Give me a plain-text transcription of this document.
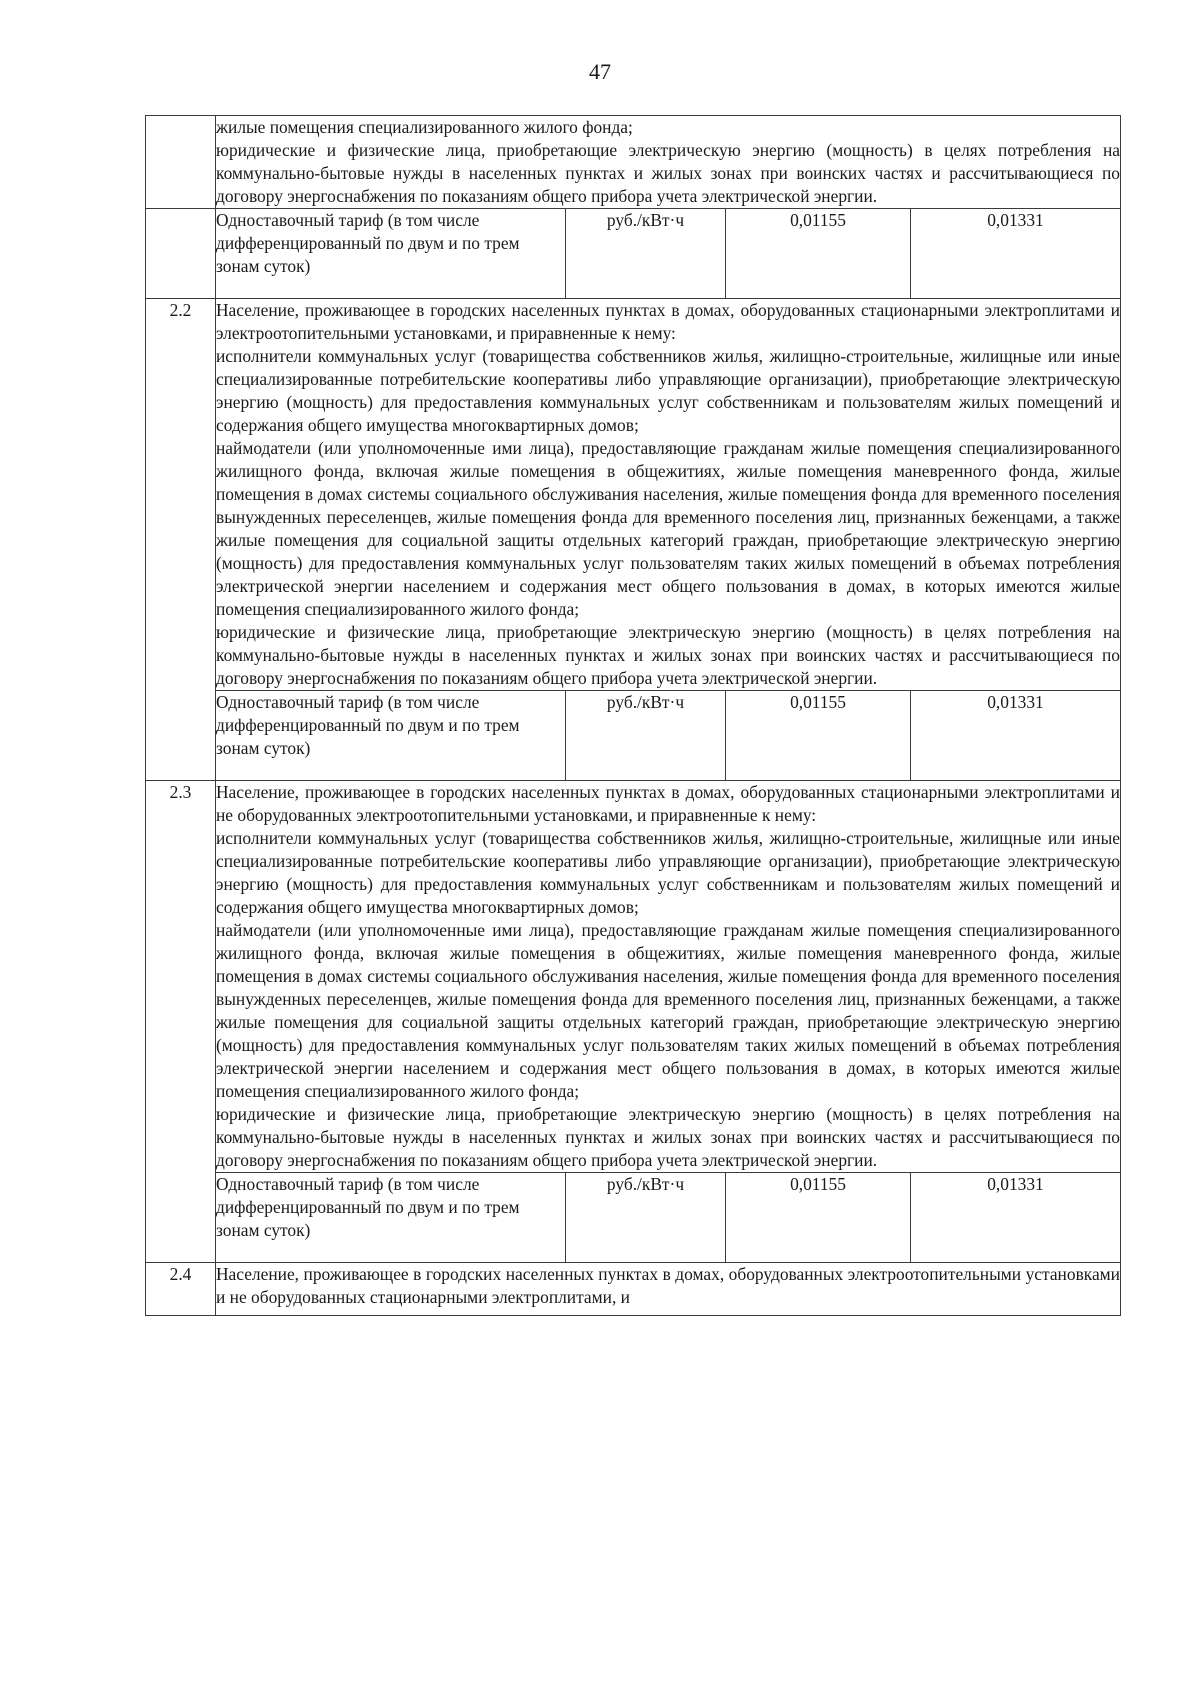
47

	жилые помещения специализированного жилого фонда;

юридические и физические лица, приобретающие электрическую энергию (мощность) в целях потребления на коммунально-бытовые нужды в населенных пунктах и жилых зонах при воинских частях и рассчитывающиеся по договору энергоснабжения по показаниям общего прибора учета электрической энергии.			

	Одноставочный тариф (в том числе дифференцированный по двум и по трем зонам суток)	руб./кВт·ч	0,01155	0,01331
2.2	Население, проживающее в городских населенных пунктах в домах, оборудованных стационарными электроплитами и электроотопительными установками, и приравненные к нему:

исполнители коммунальных услуг (товарищества собственников жилья, жилищно-строительные, жилищные или иные специализированные потребительские кооперативы либо управляющие организации), приобретающие электрическую энергию (мощность) для предоставления коммунальных услуг собственникам и пользователям жилых помещений и содержания общего имущества многоквартирных домов;

наймодатели (или уполномоченные ими лица), предоставляющие гражданам жилые помещения специализированного жилищного фонда, включая жилые помещения в общежитиях, жилые помещения маневренного фонда, жилые помещения в домах системы социального обслуживания населения, жилые помещения фонда для временного поселения вынужденных переселенцев, жилые помещения фонда для временного поселения лиц, признанных беженцами, а также жилые помещения для социальной защиты отдельных категорий граждан, приобретающие электрическую энергию (мощность) для предоставления коммунальных услуг пользователям таких жилых помещений в объемах потребления электрической энергии населением и содержания мест общего пользования в домах, в которых имеются жилые помещения специализированного жилого фонда;

юридические и физические лица, приобретающие электрическую энергию (мощность) в целях потребления на коммунально-бытовые нужды в населенных пунктах и жилых зонах при воинских частях и рассчитывающиеся по договору энергоснабжения по показаниям общего прибора учета электрической энергии.			

	Одноставочный тариф (в том числе дифференцированный по двум и по трем зонам суток)	руб./кВт·ч	0,01155	0,01331
2.3	Население, проживающее в городских населенных пунктах в домах, оборудованных стационарными электроплитами и не оборудованных электроотопительными установками, и приравненные к нему:

исполнители коммунальных услуг (товарищества собственников жилья, жилищно-строительные, жилищные или иные специализированные потребительские кооперативы либо управляющие организации), приобретающие электрическую энергию (мощность) для предоставления коммунальных услуг собственникам и пользователям жилых помещений и содержания общего имущества многоквартирных домов;

наймодатели (или уполномоченные ими лица), предоставляющие гражданам жилые помещения специализированного жилищного фонда, включая жилые помещения в общежитиях, жилые помещения маневренного фонда, жилые помещения в домах системы социального обслуживания населения, жилые помещения фонда для временного поселения вынужденных переселенцев, жилые помещения фонда для временного поселения лиц, признанных беженцами, а также жилые помещения для социальной защиты отдельных категорий граждан, приобретающие электрическую энергию (мощность) для предоставления коммунальных услуг пользователям таких жилых помещений в объемах потребления электрической энергии населением и содержания мест общего пользования в домах, в которых имеются жилые помещения специализированного жилого фонда;

юридические и физические лица, приобретающие электрическую энергию (мощность) в целях потребления на коммунально-бытовые нужды в населенных пунктах и жилых зонах при воинских частях и рассчитывающиеся по договору энергоснабжения по показаниям общего прибора учета электрической энергии.			

	Одноставочный тариф (в том числе дифференцированный по двум и по трем зонам суток)	руб./кВт·ч	0,01155	0,01331
2.4	Население, проживающее в городских населенных пунктах в домах, оборудованных электроотопительными установками и не оборудованных стационарными электроплитами, и			
